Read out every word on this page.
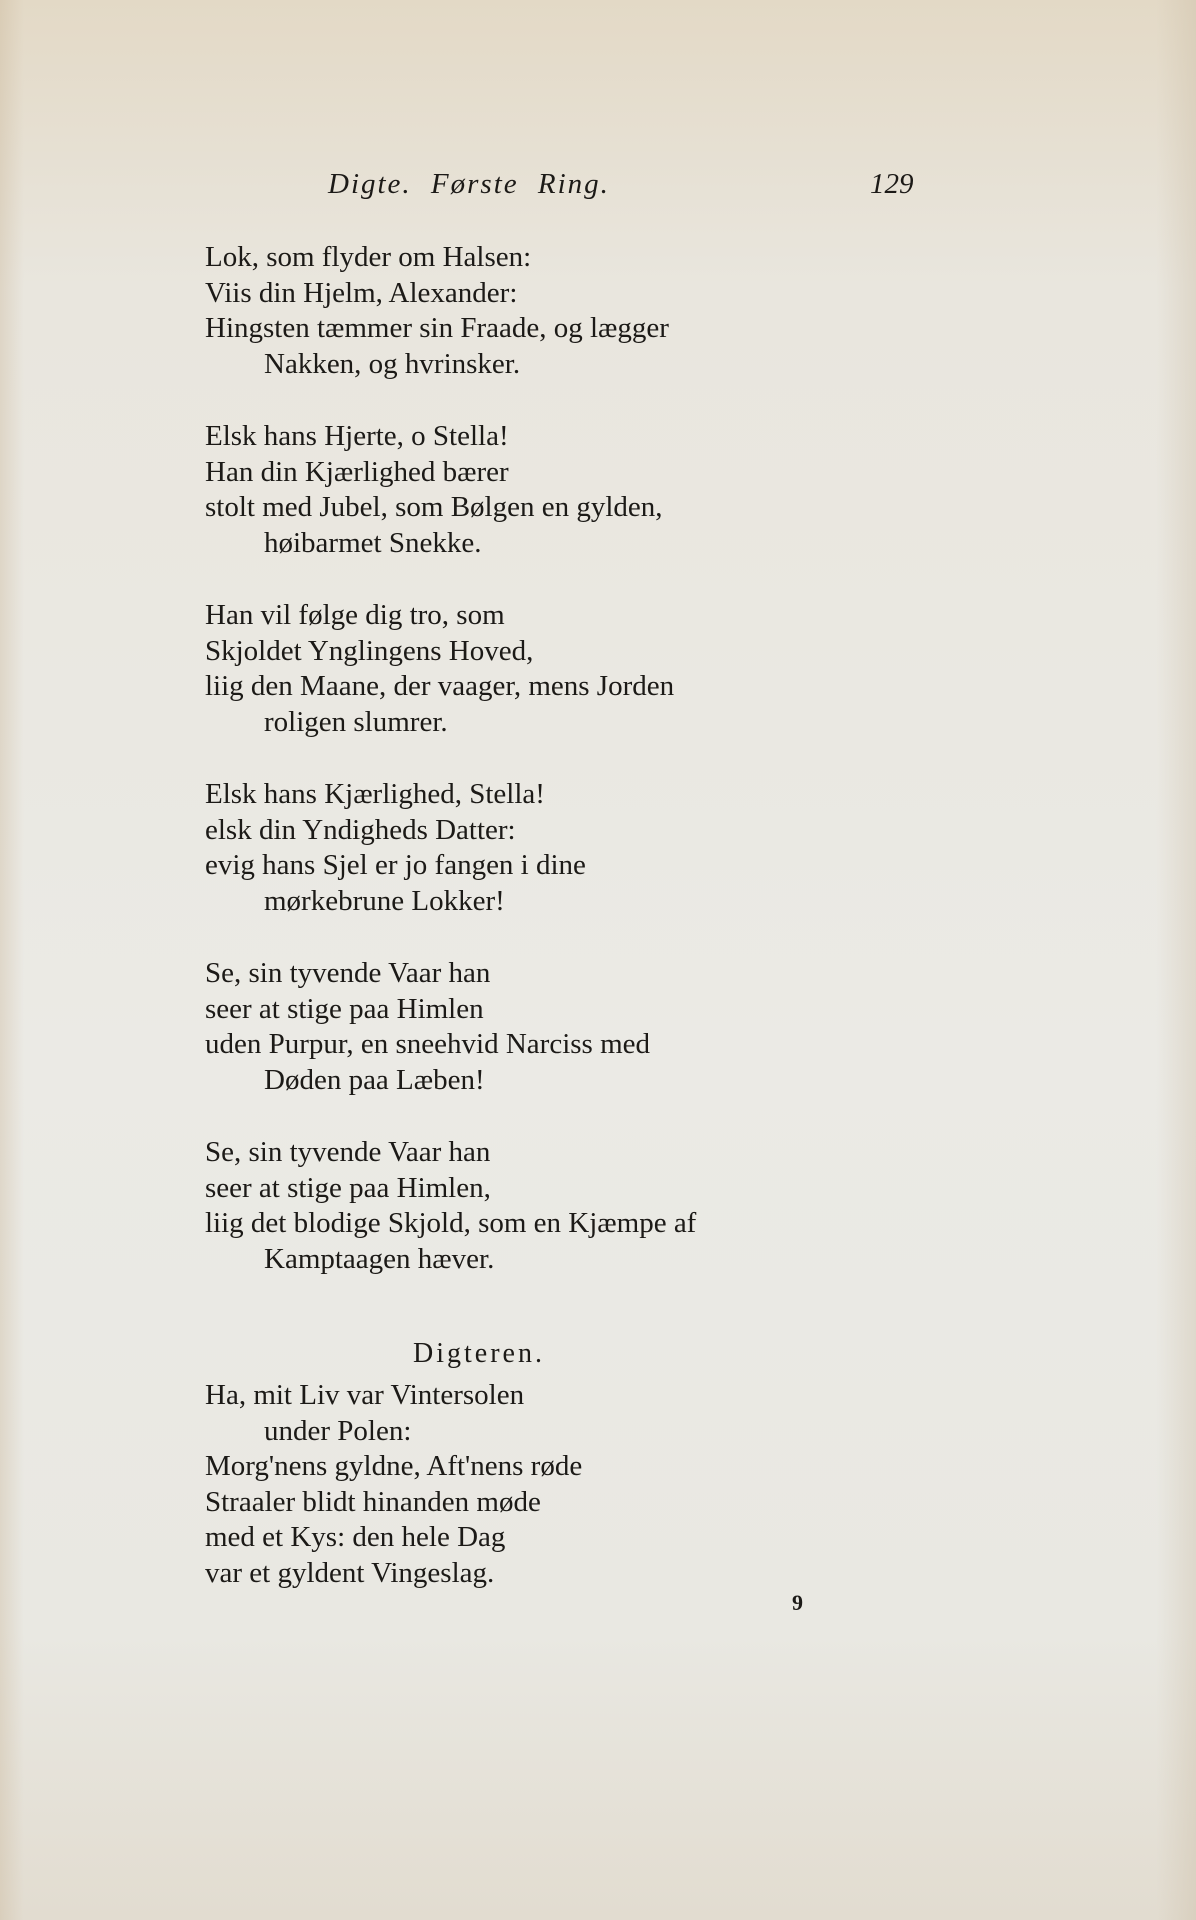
Digte. Første Ring.	129
Lok, som flyder om Halsen:
Viis din Hjelm, Alexander:
Hingsten tæmmer sin Fraade, og lægger
Nakken, og hvrinsker.
Elsk hans Hjerte, o Stella!
Han din Kjærlighed bærer
stolt med Jubel, som Bølgen en gylden,
høibarmet Snekke.
Han vil følge dig tro, som
Skjoldet Ynglingens Hoved,
liig den Maane, der vaager, mens Jorden
roligen slumrer.
Elsk hans Kjærlighed, Stella!
elsk din Yndigheds Datter:
evig hans Sjel er jo fangen i dine
mørkebrune Lokker!
Se, sin tyvende Vaar han
seer at stige paa Himlen
uden Purpur, en sneehvid Narciss med
Døden paa Læben!
Se, sin tyvende Vaar han
seer at stige paa Himlen,
liig det blodige Skjold, som en Kjæmpe af
Kamptaagen hæver.
Digteren.
Ha, mit Liv var Vintersolen
under Polen:
Morg'nens gyldne, Aft'nens røde
Straaler blidt hinanden møde
med et Kys: den hele Dag
var et gyldent Vingeslag.
9
